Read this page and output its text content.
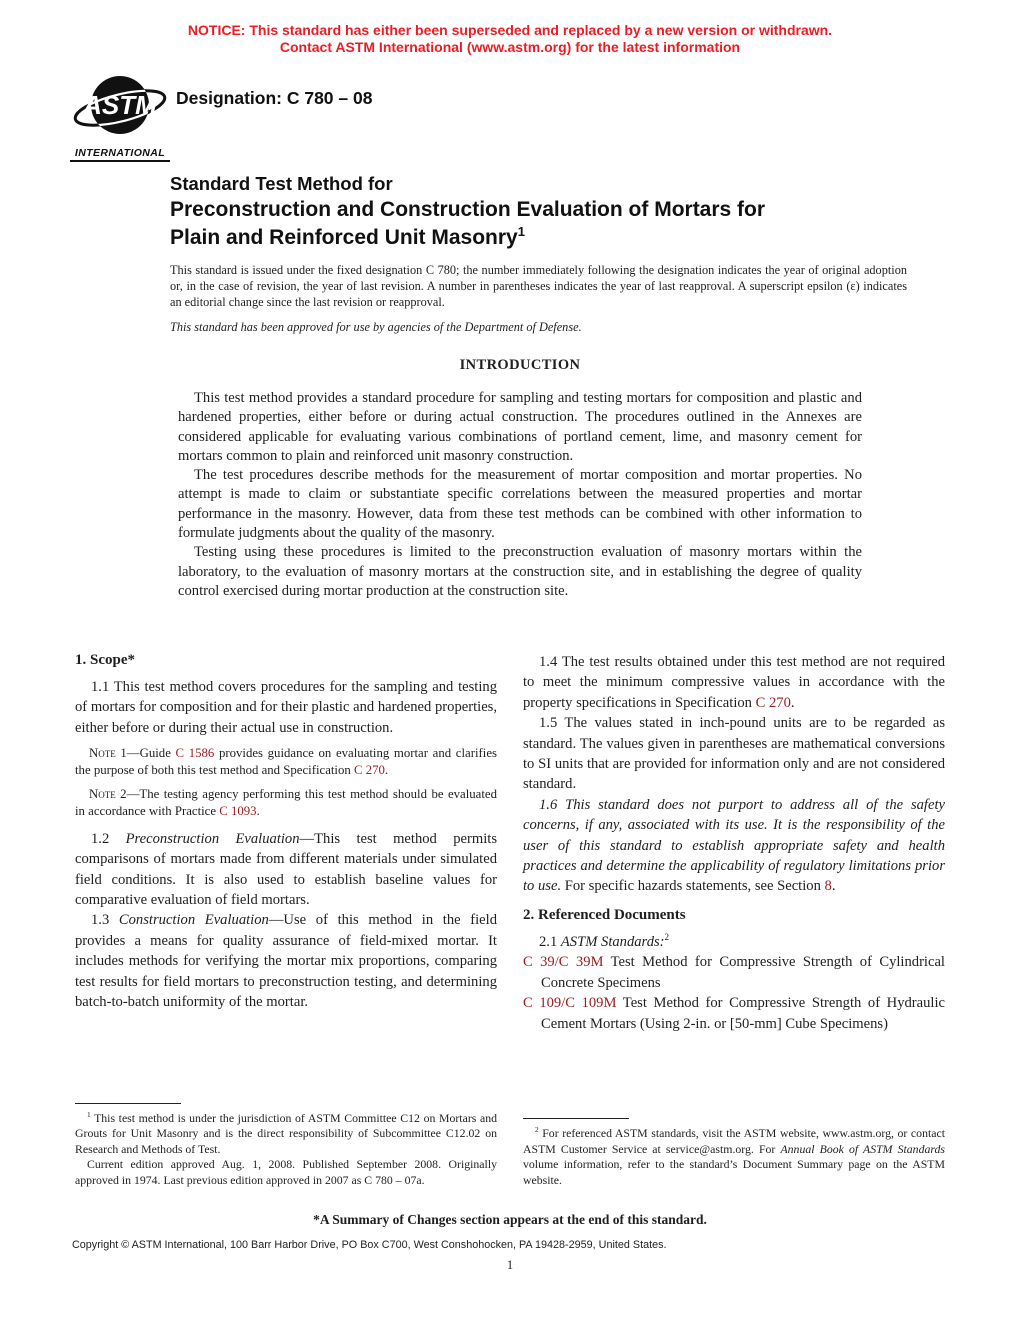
NOTICE: This standard has either been superseded and replaced by a new version or withdrawn.
Contact ASTM International (www.astm.org) for the latest information
ASTM
INTERNATIONAL
Designation: C 780 – 08
Standard Test Method for
Preconstruction and Construction Evaluation of Mortars for
Plain and Reinforced Unit Masonry$^1$

This standard is issued under the fixed designation C 780; the number immediately following the designation indicates the year of original adoption or, in the case of revision, the year of last revision. A number in parentheses indicates the year of last reapproval. A superscript epsilon (ε) indicates an editorial change since the last revision or reapproval.

This standard has been approved for use by agencies of the Department of Defense.

INTRODUCTION

This test method provides a standard procedure for sampling and testing mortars for composition and plastic and hardened properties, either before or during actual construction. The procedures outlined in the Annexes are considered applicable for evaluating various combinations of portland cement, lime, and masonry cement for mortars common to plain and reinforced unit masonry construction.

The test procedures describe methods for the measurement of mortar composition and mortar properties. No attempt is made to claim or substantiate specific correlations between the measured properties and mortar performance in the masonry. However, data from these test methods can be combined with other information to formulate judgments about the quality of the masonry.

Testing using these procedures is limited to the preconstruction evaluation of masonry mortars within the laboratory, to the evaluation of masonry mortars at the construction site, and in establishing the degree of quality control exercised during mortar production at the construction site.

1. Scope*

1.1 This test method covers procedures for the sampling and testing of mortars for composition and for their plastic and hardened properties, either before or during their actual use in construction.

Note 1—Guide C 1586 provides guidance on evaluating mortar and clarifies the purpose of both this test method and Specification C 270.

Note 2—The testing agency performing this test method should be evaluated in accordance with Practice C 1093.

1.2 Preconstruction Evaluation—This test method permits comparisons of mortars made from different materials under simulated field conditions. It is also used to establish baseline values for comparative evaluation of field mortars.

1.3 Construction Evaluation—Use of this method in the field provides a means for quality assurance of field-mixed mortar. It includes methods for verifying the mortar mix proportions, comparing test results for field mortars to preconstruction testing, and determining batch-to-batch uniformity of the mortar.

$^1$ This test method is under the jurisdiction of ASTM Committee C12 on Mortars and Grouts for Unit Masonry and is the direct responsibility of Subcommittee C12.02 on Research and Methods of Test.

Current edition approved Aug. 1, 2008. Published September 2008. Originally approved in 1974. Last previous edition approved in 2007 as C 780 – 07a.

1.4 The test results obtained under this test method are not required to meet the minimum compressive values in accordance with the property specifications in Specification C 270.

1.5 The values stated in inch-pound units are to be regarded as standard. The values given in parentheses are mathematical conversions to SI units that are provided for information only and are not considered standard.

1.6 This standard does not purport to address all of the safety concerns, if any, associated with its use. It is the responsibility of the user of this standard to establish appropriate safety and health practices and determine the applicability of regulatory limitations prior to use. For specific hazards statements, see Section 8.

2. Referenced Documents

2.1 ASTM Standards:$^2$

C 39/C 39M Test Method for Compressive Strength of Cylindrical Concrete Specimens

C 109/C 109M Test Method for Compressive Strength of Hydraulic Cement Mortars (Using 2-in. or [50-mm] Cube Specimens)

$^2$ For referenced ASTM standards, visit the ASTM website, www.astm.org, or contact ASTM Customer Service at service@astm.org. For Annual Book of ASTM Standards volume information, refer to the standard’s Document Summary page on the ASTM website.

*A Summary of Changes section appears at the end of this standard.
Copyright © ASTM International, 100 Barr Harbor Drive, PO Box C700, West Conshohocken, PA 19428-2959, United States.
1
